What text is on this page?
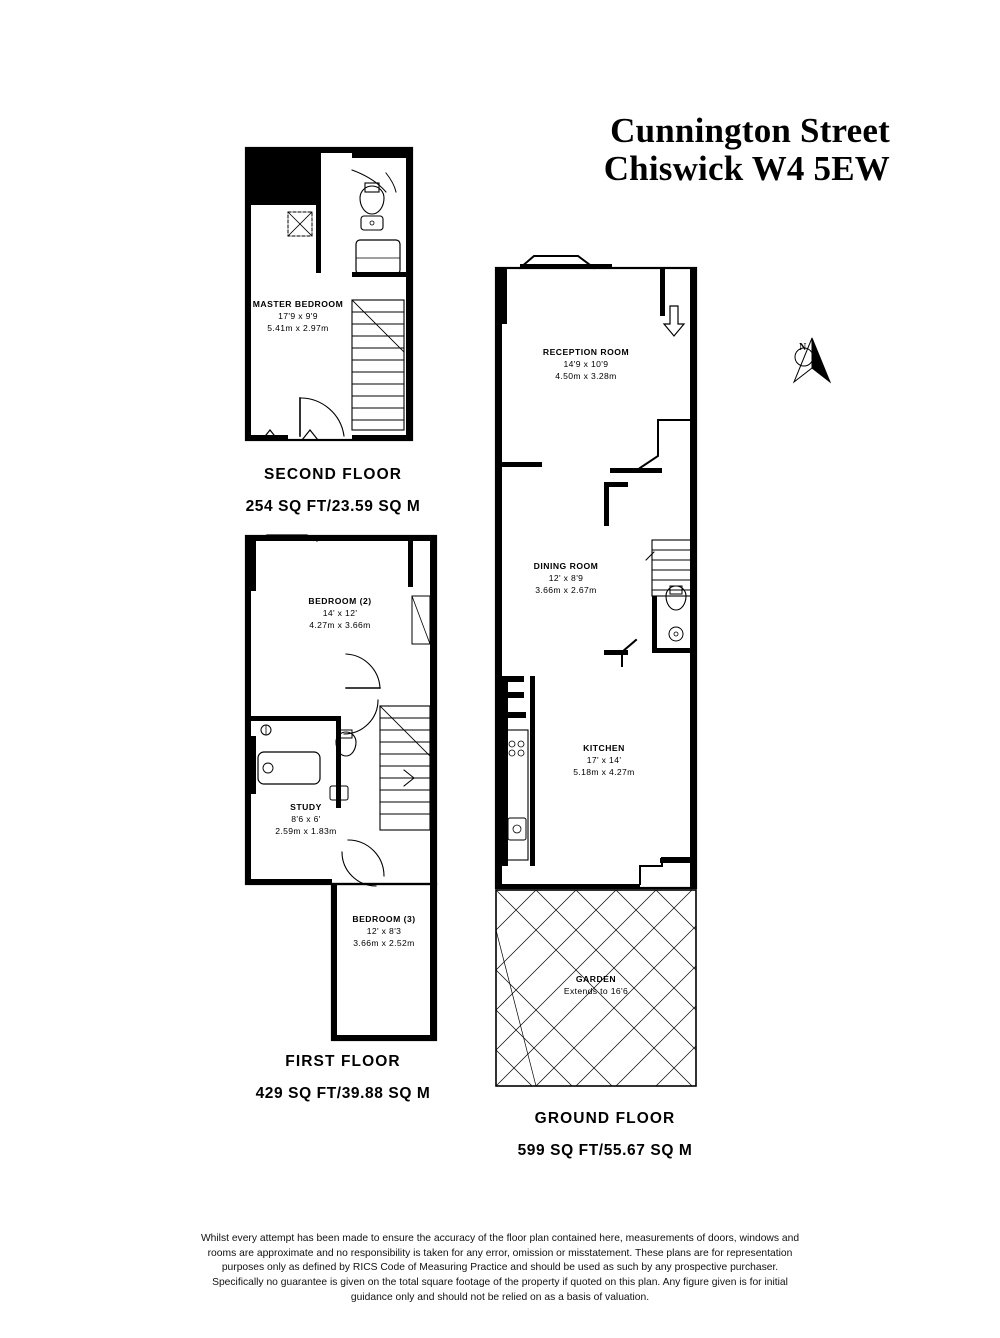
Cunnington Street
Chiswick W4 5EW
N
MASTER BEDROOM
17'9 x 9'9
5.41m x 2.97m
BEDROOM (2)
14' x 12'
4.27m x 3.66m
STUDY
8'6 x 6'
2.59m x 1.83m
BEDROOM (3)
12' x 8'3
3.66m x 2.52m
RECEPTION ROOM
14'9 x 10'9
4.50m x 3.28m
DINING ROOM
12' x 8'9
3.66m x 2.67m
KITCHEN
17' x 14'
5.18m x 4.27m
GARDEN
Extends to 16'6
SECOND FLOOR
254 SQ FT/23.59 SQ M
FIRST FLOOR
429 SQ FT/39.88 SQ M
GROUND FLOOR
599 SQ FT/55.67 SQ M
Whilst every attempt has been made to ensure the accuracy of the floor plan contained here, measurements of doors, windows and
rooms are approximate and no responsibility is taken for any error, omission or misstatement. These plans are for representation
purposes only as defined by RICS Code of Measuring Practice and should be used as such by any prospective purchaser.
Specifically no guarantee is given on the total square footage of the property if quoted on this plan. Any figure given is for initial
guidance only and should not be relied on as a basis of valuation.
